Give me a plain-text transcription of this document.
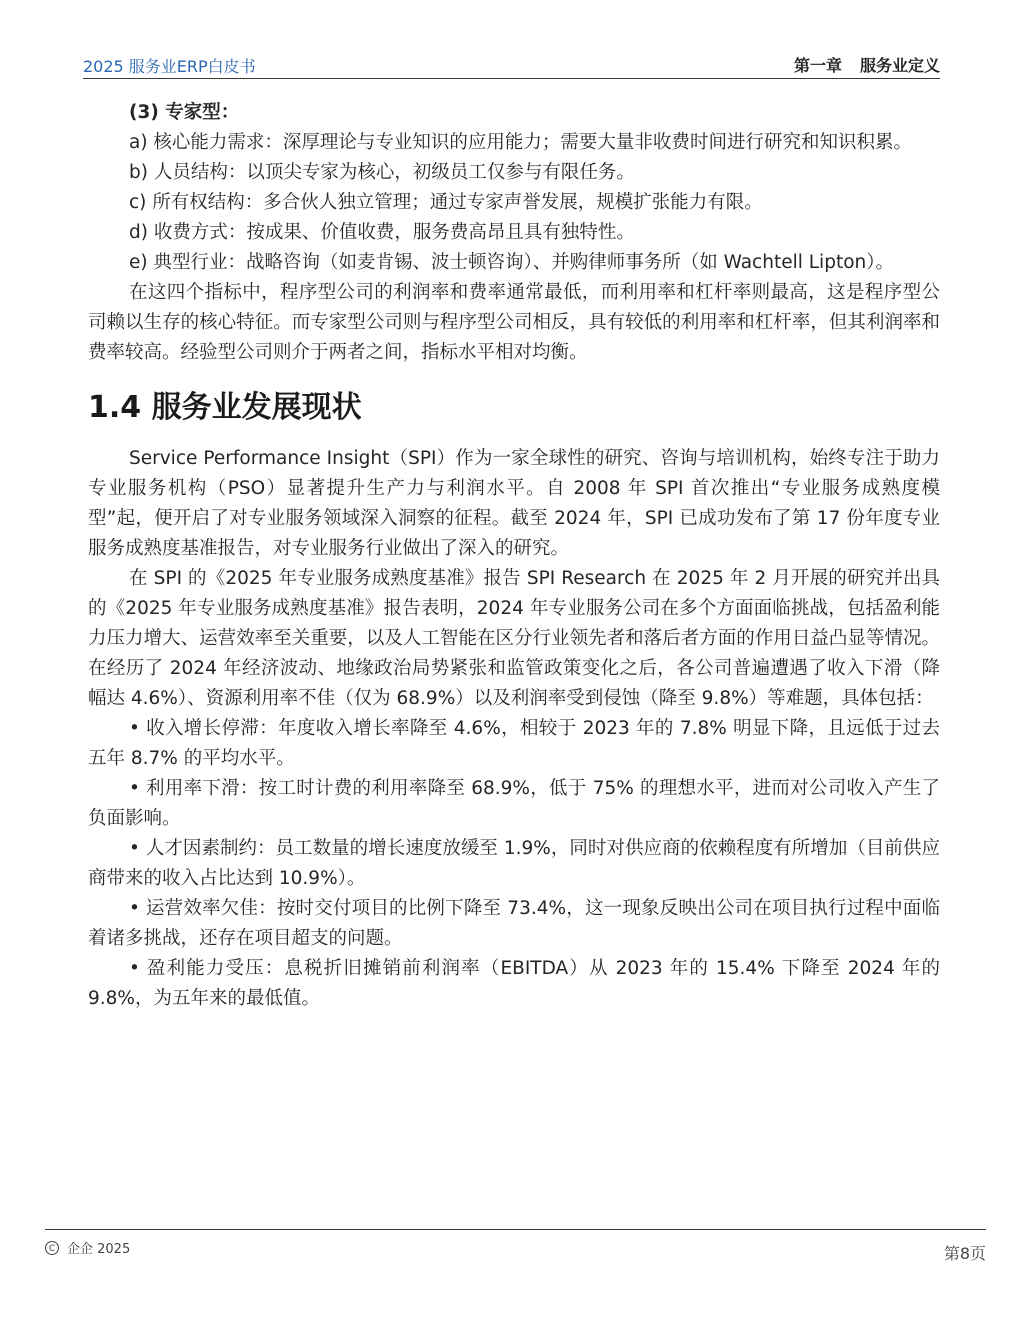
2025 服务业ERP白皮书	第一章 服务业定义

(3) 专家型：

a) 核心能力需求：深厚理论与专业知识的应用能力；需要大量非收费时间进行研究和知识积累。

b) 人员结构：以顶尖专家为核心，初级员工仅参与有限任务。

c) 所有权结构：多合伙人独立管理；通过专家声誉发展，规模扩张能力有限。

d) 收费方式：按成果、价值收费，服务费高昂且具有独特性。

e) 典型行业：战略咨询（如麦肯锡、波士顿咨询）、并购律师事务所（如 Wachtell Lipton）。

在这四个指标中，程序型公司的利润率和费率通常最低，而利用率和杠杆率则最高，这是程序型公司赖以生存的核心特征。而专家型公司则与程序型公司相反，具有较低的利用率和杠杆率，但其利润率和费率较高。经验型公司则介于两者之间，指标水平相对均衡。

1.4 服务业发展现状

Service Performance Insight（SPI）作为一家全球性的研究、咨询与培训机构，始终专注于助力专业服务机构（PSO）显著提升生产力与利润水平。自 2008 年 SPI 首次推出“专业服务成熟度模型”起，便开启了对专业服务领域深入洞察的征程。截至 2024 年，SPI 已成功发布了第 17 份年度专业服务成熟度基准报告，对专业服务行业做出了深入的研究。

在 SPI 的《2025 年专业服务成熟度基准》报告 SPI Research 在 2025 年 2 月开展的研究并出具的《2025 年专业服务成熟度基准》报告表明，2024 年专业服务公司在多个方面面临挑战，包括盈利能力压力增大、运营效率至关重要，以及人工智能在区分行业领先者和落后者方面的作用日益凸显等情况。在经历了 2024 年经济波动、地缘政治局势紧张和监管政策变化之后，各公司普遍遭遇了收入下滑（降幅达 4.6%）、资源利用率不佳（仅为 68.9%）以及利润率受到侵蚀（降至 9.8%）等难题，具体包括：

• 收入增长停滞：年度收入增长率降至 4.6%，相较于 2023 年的 7.8% 明显下降，且远低于过去五年 8.7% 的平均水平。

• 利用率下滑：按工时计费的利用率降至 68.9%，低于 75% 的理想水平，进而对公司收入产生了负面影响。

• 人才因素制约：员工数量的增长速度放缓至 1.9%，同时对供应商的依赖程度有所增加（目前供应商带来的收入占比达到 10.9%）。

• 运营效率欠佳：按时交付项目的比例下降至 73.4%，这一现象反映出公司在项目执行过程中面临着诸多挑战，还存在项目超支的问题。

• 盈利能力受压：息税折旧摊销前利润率（EBITDA）从 2023 年的 15.4% 下降至 2024 年的 9.8%，为五年来的最低值。

C 企企 2025	第8页
